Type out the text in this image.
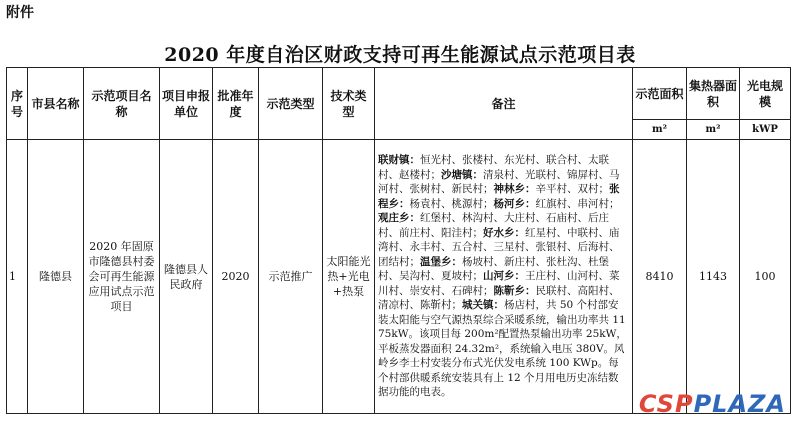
附件
2020 年度自治区财政支持可再生能源试点示范项目表
序号	市县名称	示范项目名称	项目申报单位	批准年度	示范类型	技术类型	备注	示范面积	集热器面积	光电规模
								m²	m²	kWP
1	隆德县	2020 年固原市隆德县村委会可再生能源应用试点示范项目	隆德县人民政府	2020	示范推广	太阳能光热+光电+热泵	联财镇：恒光村、张楼村、东光村、联合村、太联村、赵楼村；沙塘镇：清泉村、光联村、锦屏村、马河村、张树村、新民村；神林乡：辛平村、双村；张程乡：杨袁村、桃源村；杨河乡：红旗村、串河村；观庄乡：红堡村、林沟村、大庄村、石庙村、后庄村、前庄村、阳洼村；好水乡：红星村、中联村、庙湾村、永丰村、五合村、三星村、张银村、后海村、团结村；温堡乡：杨坡村、新庄村、张杜沟、杜堡村、吴沟村、夏坡村；山河乡：王庄村、山河村、菜川村、崇安村、石碑村；陈靳乡：民联村、高阳村、清凉村、陈靳村；城关镇：杨店村，共 50 个村部安装太阳能与空气源热泵综合采暖系统，输出功率共 1175kW。该项目每 200m²配置热泵输出功率 25kW，平板蒸发器面积 24.32m²，系统输入电压 380V。风岭乡李士村安装分布式光伏发电系统 100 KWp。每个村部供暖系统安装具有上 12 个月用电历史冻结数据功能的电表。	8410	1143	100
CSPPLAZA
